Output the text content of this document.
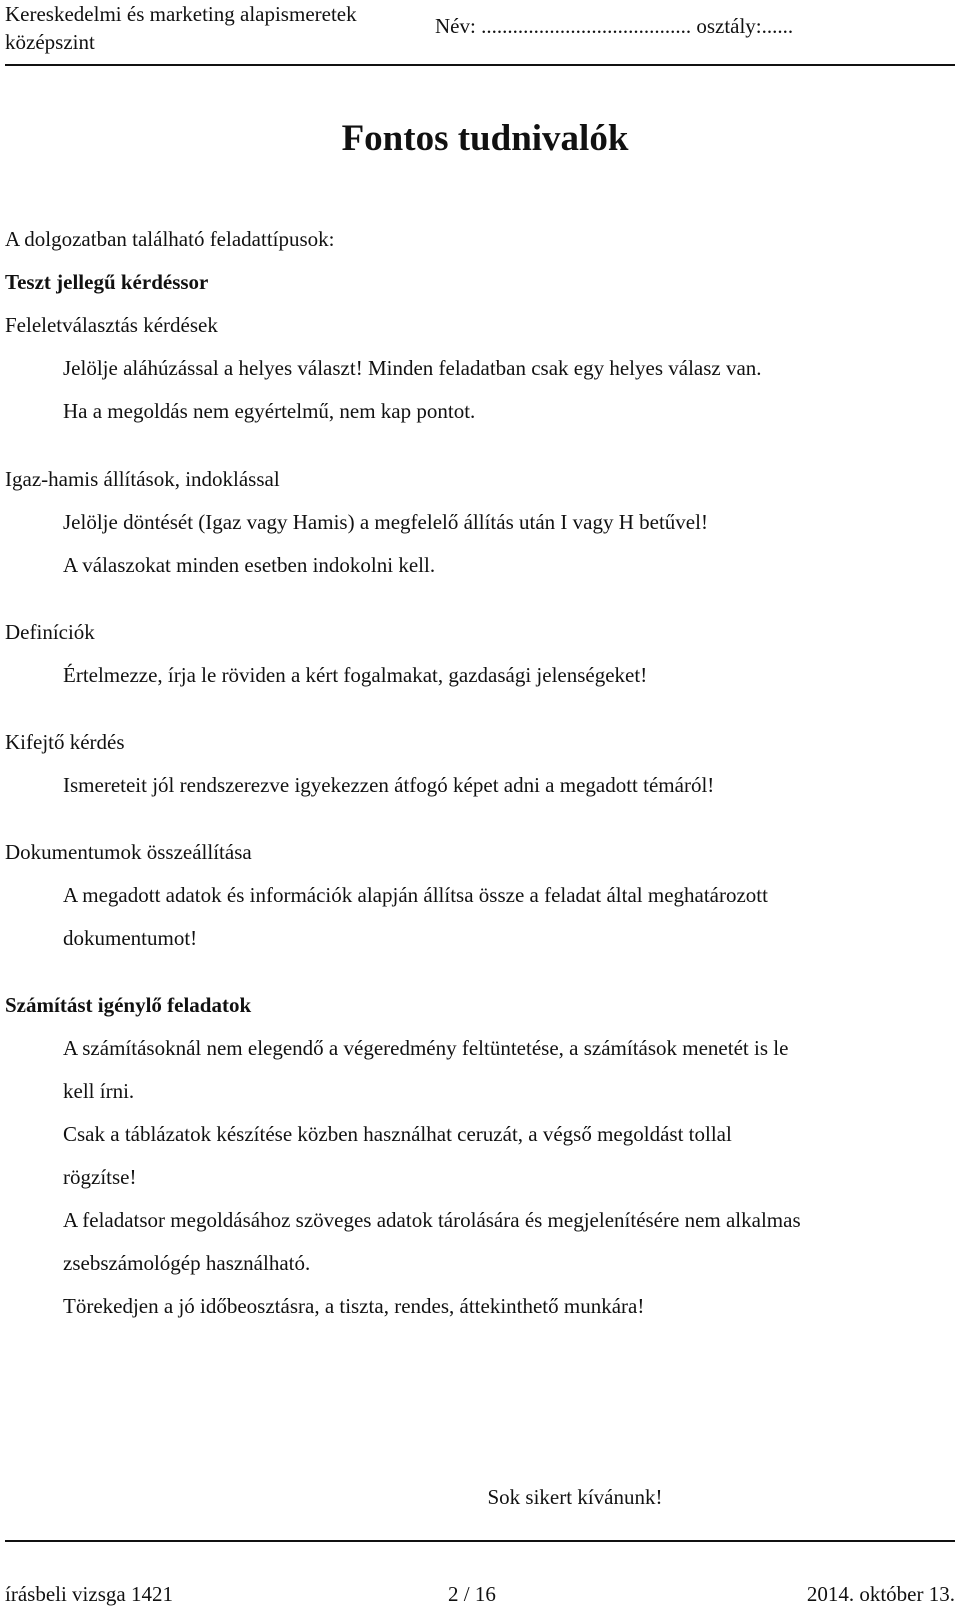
Kereskedelmi és marketing alapismeretek
középszint
Név: ........................................ osztály:......
Fontos tudnivalók
A dolgozatban található feladattípusok:
Teszt jellegű kérdéssor
Feleletválasztás kérdések
Jelölje aláhúzással a helyes választ! Minden feladatban csak egy helyes válasz van.
Ha a megoldás nem egyértelmű, nem kap pontot.
Igaz-hamis állítások, indoklással
Jelölje döntését (Igaz vagy Hamis) a megfelelő állítás után I vagy H betűvel!
A válaszokat minden esetben indokolni kell.
Definíciók
Értelmezze, írja le röviden a kért fogalmakat, gazdasági jelenségeket!
Kifejtő kérdés
Ismereteit jól rendszerezve igyekezzen átfogó képet adni a megadott témáról!
Dokumentumok összeállítása
A megadott adatok és információk alapján állítsa össze a feladat által meghatározott
dokumentumot!
Számítást igénylő feladatok
A számításoknál nem elegendő a végeredmény feltüntetése, a számítások menetét is le
kell írni.
Csak a táblázatok készítése közben használhat ceruzát, a végső megoldást tollal
rögzítse!
A feladatsor megoldásához szöveges adatok tárolására és megjelenítésére nem alkalmas
zsebszámológép használható.
Törekedjen a jó időbeosztásra, a tiszta, rendes, áttekinthető munkára!
Sok sikert kívánunk!
írásbeli vizsga 1421	2 / 16	2014. október 13.
